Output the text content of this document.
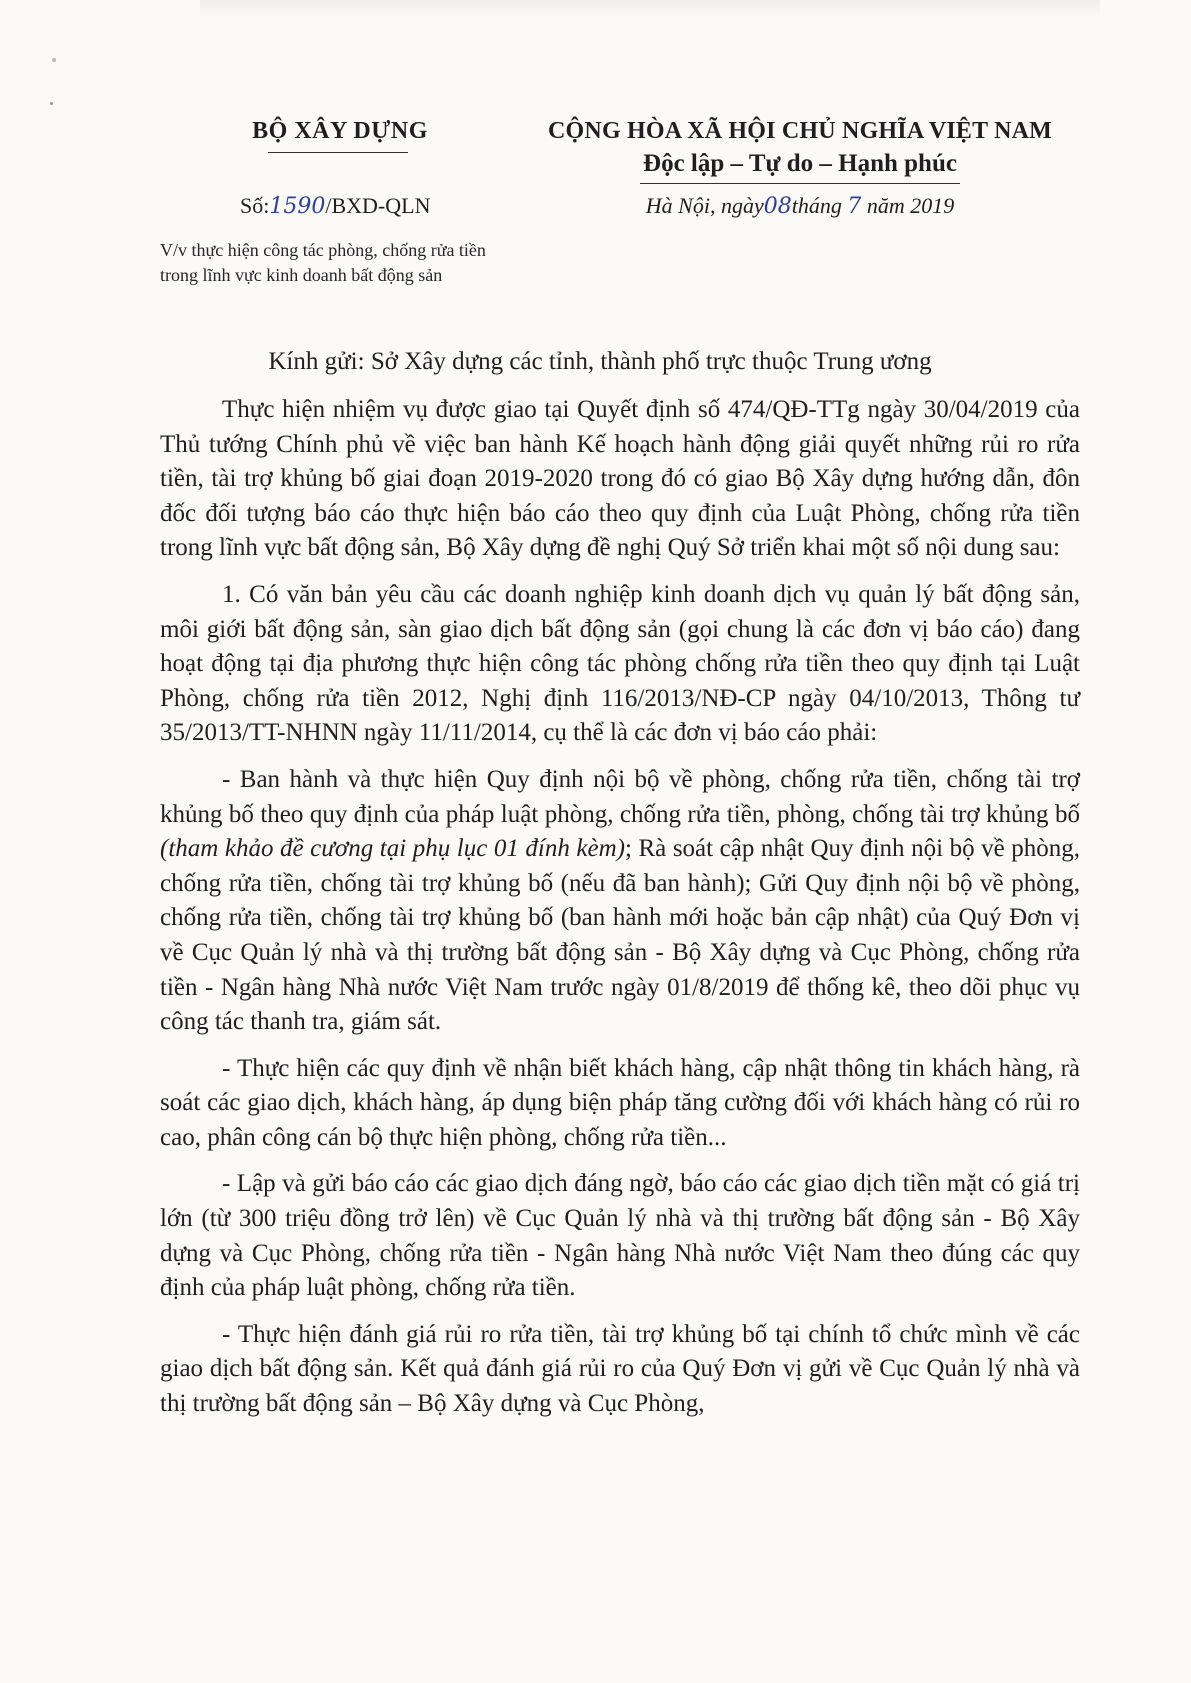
BỘ XÂY DỰNG
Số:1590/BXD-QLN
V/v thực hiện công tác phòng, chống rửa tiền trong lĩnh vực kinh doanh bất động sản
CỘNG HÒA XÃ HỘI CHỦ NGHĨA VIỆT NAM
Độc lập – Tự do – Hạnh phúc
Hà Nội, ngày08tháng 7 năm 2019
Kính gửi: Sở Xây dựng các tỉnh, thành phố trực thuộc Trung ương

Thực hiện nhiệm vụ được giao tại Quyết định số 474/QĐ-TTg ngày 30/04/2019 của Thủ tướng Chính phủ về việc ban hành Kế hoạch hành động giải quyết những rủi ro rửa tiền, tài trợ khủng bố giai đoạn 2019-2020 trong đó có giao Bộ Xây dựng hướng dẫn, đôn đốc đối tượng báo cáo thực hiện báo cáo theo quy định của Luật Phòng, chống rửa tiền trong lĩnh vực bất động sản, Bộ Xây dựng đề nghị Quý Sở triển khai một số nội dung sau:

1. Có văn bản yêu cầu các doanh nghiệp kinh doanh dịch vụ quản lý bất động sản, môi giới bất động sản, sàn giao dịch bất động sản (gọi chung là các đơn vị báo cáo) đang hoạt động tại địa phương thực hiện công tác phòng chống rửa tiền theo quy định tại Luật Phòng, chống rửa tiền 2012, Nghị định 116/2013/NĐ-CP ngày 04/10/2013, Thông tư 35/2013/TT-NHNN ngày 11/11/2014, cụ thể là các đơn vị báo cáo phải:

- Ban hành và thực hiện Quy định nội bộ về phòng, chống rửa tiền, chống tài trợ khủng bố theo quy định của pháp luật phòng, chống rửa tiền, phòng, chống tài trợ khủng bố (tham khảo đề cương tại phụ lục 01 đính kèm); Rà soát cập nhật Quy định nội bộ về phòng, chống rửa tiền, chống tài trợ khủng bố (nếu đã ban hành); Gửi Quy định nội bộ về phòng, chống rửa tiền, chống tài trợ khủng bố (ban hành mới hoặc bản cập nhật) của Quý Đơn vị về Cục Quản lý nhà và thị trường bất động sản - Bộ Xây dựng và Cục Phòng, chống rửa tiền - Ngân hàng Nhà nước Việt Nam trước ngày 01/8/2019 để thống kê, theo dõi phục vụ công tác thanh tra, giám sát.

- Thực hiện các quy định về nhận biết khách hàng, cập nhật thông tin khách hàng, rà soát các giao dịch, khách hàng, áp dụng biện pháp tăng cường đối với khách hàng có rủi ro cao, phân công cán bộ thực hiện phòng, chống rửa tiền...

- Lập và gửi báo cáo các giao dịch đáng ngờ, báo cáo các giao dịch tiền mặt có giá trị lớn (từ 300 triệu đồng trở lên) về Cục Quản lý nhà và thị trường bất động sản - Bộ Xây dựng và Cục Phòng, chống rửa tiền - Ngân hàng Nhà nước Việt Nam theo đúng các quy định của pháp luật phòng, chống rửa tiền.

- Thực hiện đánh giá rủi ro rửa tiền, tài trợ khủng bố tại chính tổ chức mình về các giao dịch bất động sản. Kết quả đánh giá rủi ro của Quý Đơn vị gửi về Cục Quản lý nhà và thị trường bất động sản – Bộ Xây dựng và Cục Phòng,
